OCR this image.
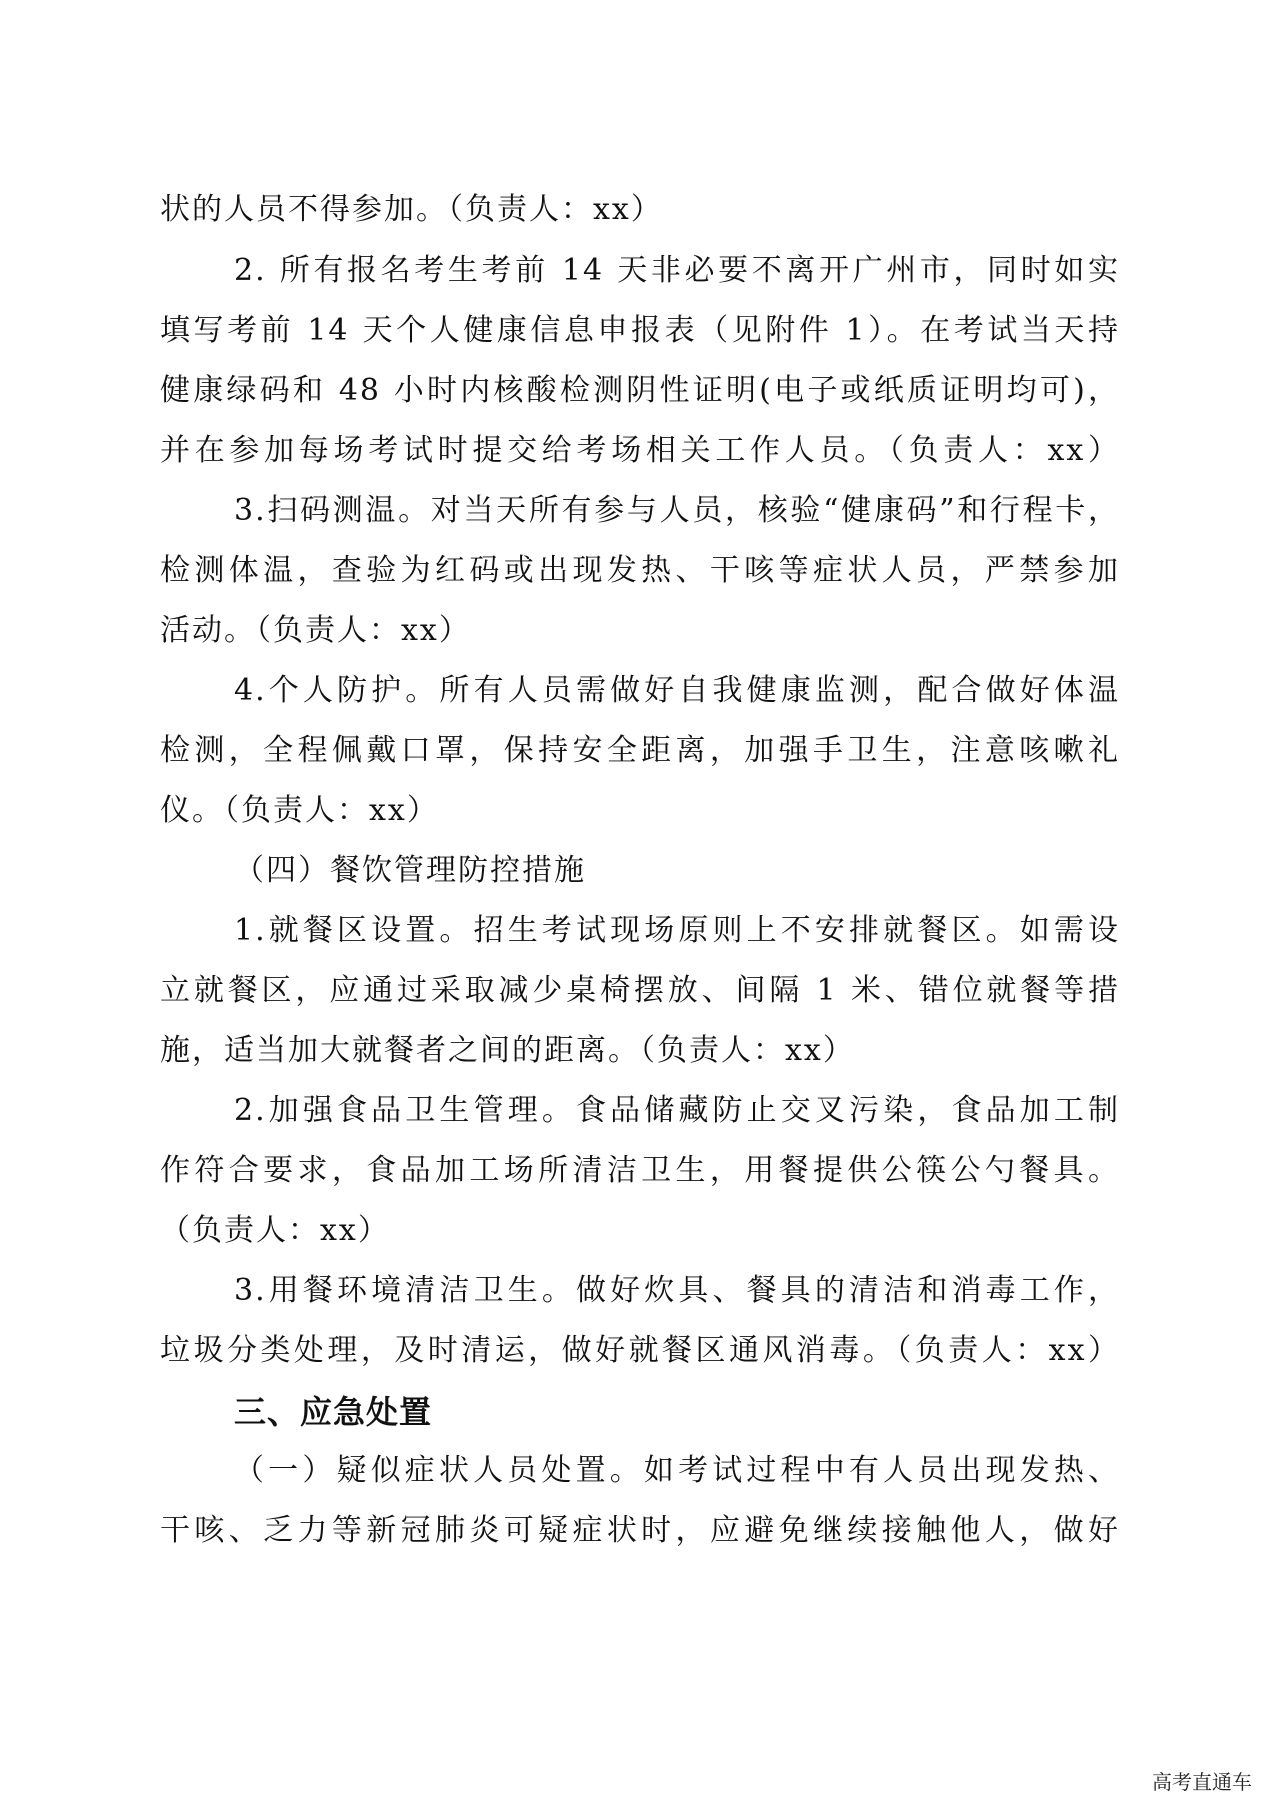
状的人员不得参加。（负责人：xx）
2. 所有报名考生考前 14 天非必要不离开广州市，同时如实
填写考前 14 天个人健康信息申报表（见附件 1）。在考试当天持
健康绿码和 48 小时内核酸检测阴性证明(电子或纸质证明均可)，
并在参加每场考试时提交给考场相关工作人员。（负责人：xx）
3.扫码测温。对当天所有参与人员，核验“健康码”和行程卡，
检测体温，查验为红码或出现发热、干咳等症状人员，严禁参加
活动。（负责人：xx）
4.个人防护。所有人员需做好自我健康监测，配合做好体温
检测，全程佩戴口罩，保持安全距离，加强手卫生，注意咳嗽礼
仪。（负责人：xx）
（四）餐饮管理防控措施
1.就餐区设置。招生考试现场原则上不安排就餐区。如需设
立就餐区，应通过采取减少桌椅摆放、间隔 1 米、错位就餐等措
施，适当加大就餐者之间的距离。（负责人：xx）
2.加强食品卫生管理。食品储藏防止交叉污染，食品加工制
作符合要求，食品加工场所清洁卫生，用餐提供公筷公勺餐具。
（负责人：xx）
3.用餐环境清洁卫生。做好炊具、餐具的清洁和消毒工作，
垃圾分类处理，及时清运，做好就餐区通风消毒。（负责人：xx）
三、应急处置
（一）疑似症状人员处置。如考试过程中有人员出现发热、
干咳、乏力等新冠肺炎可疑症状时，应避免继续接触他人，做好
高考直通车
